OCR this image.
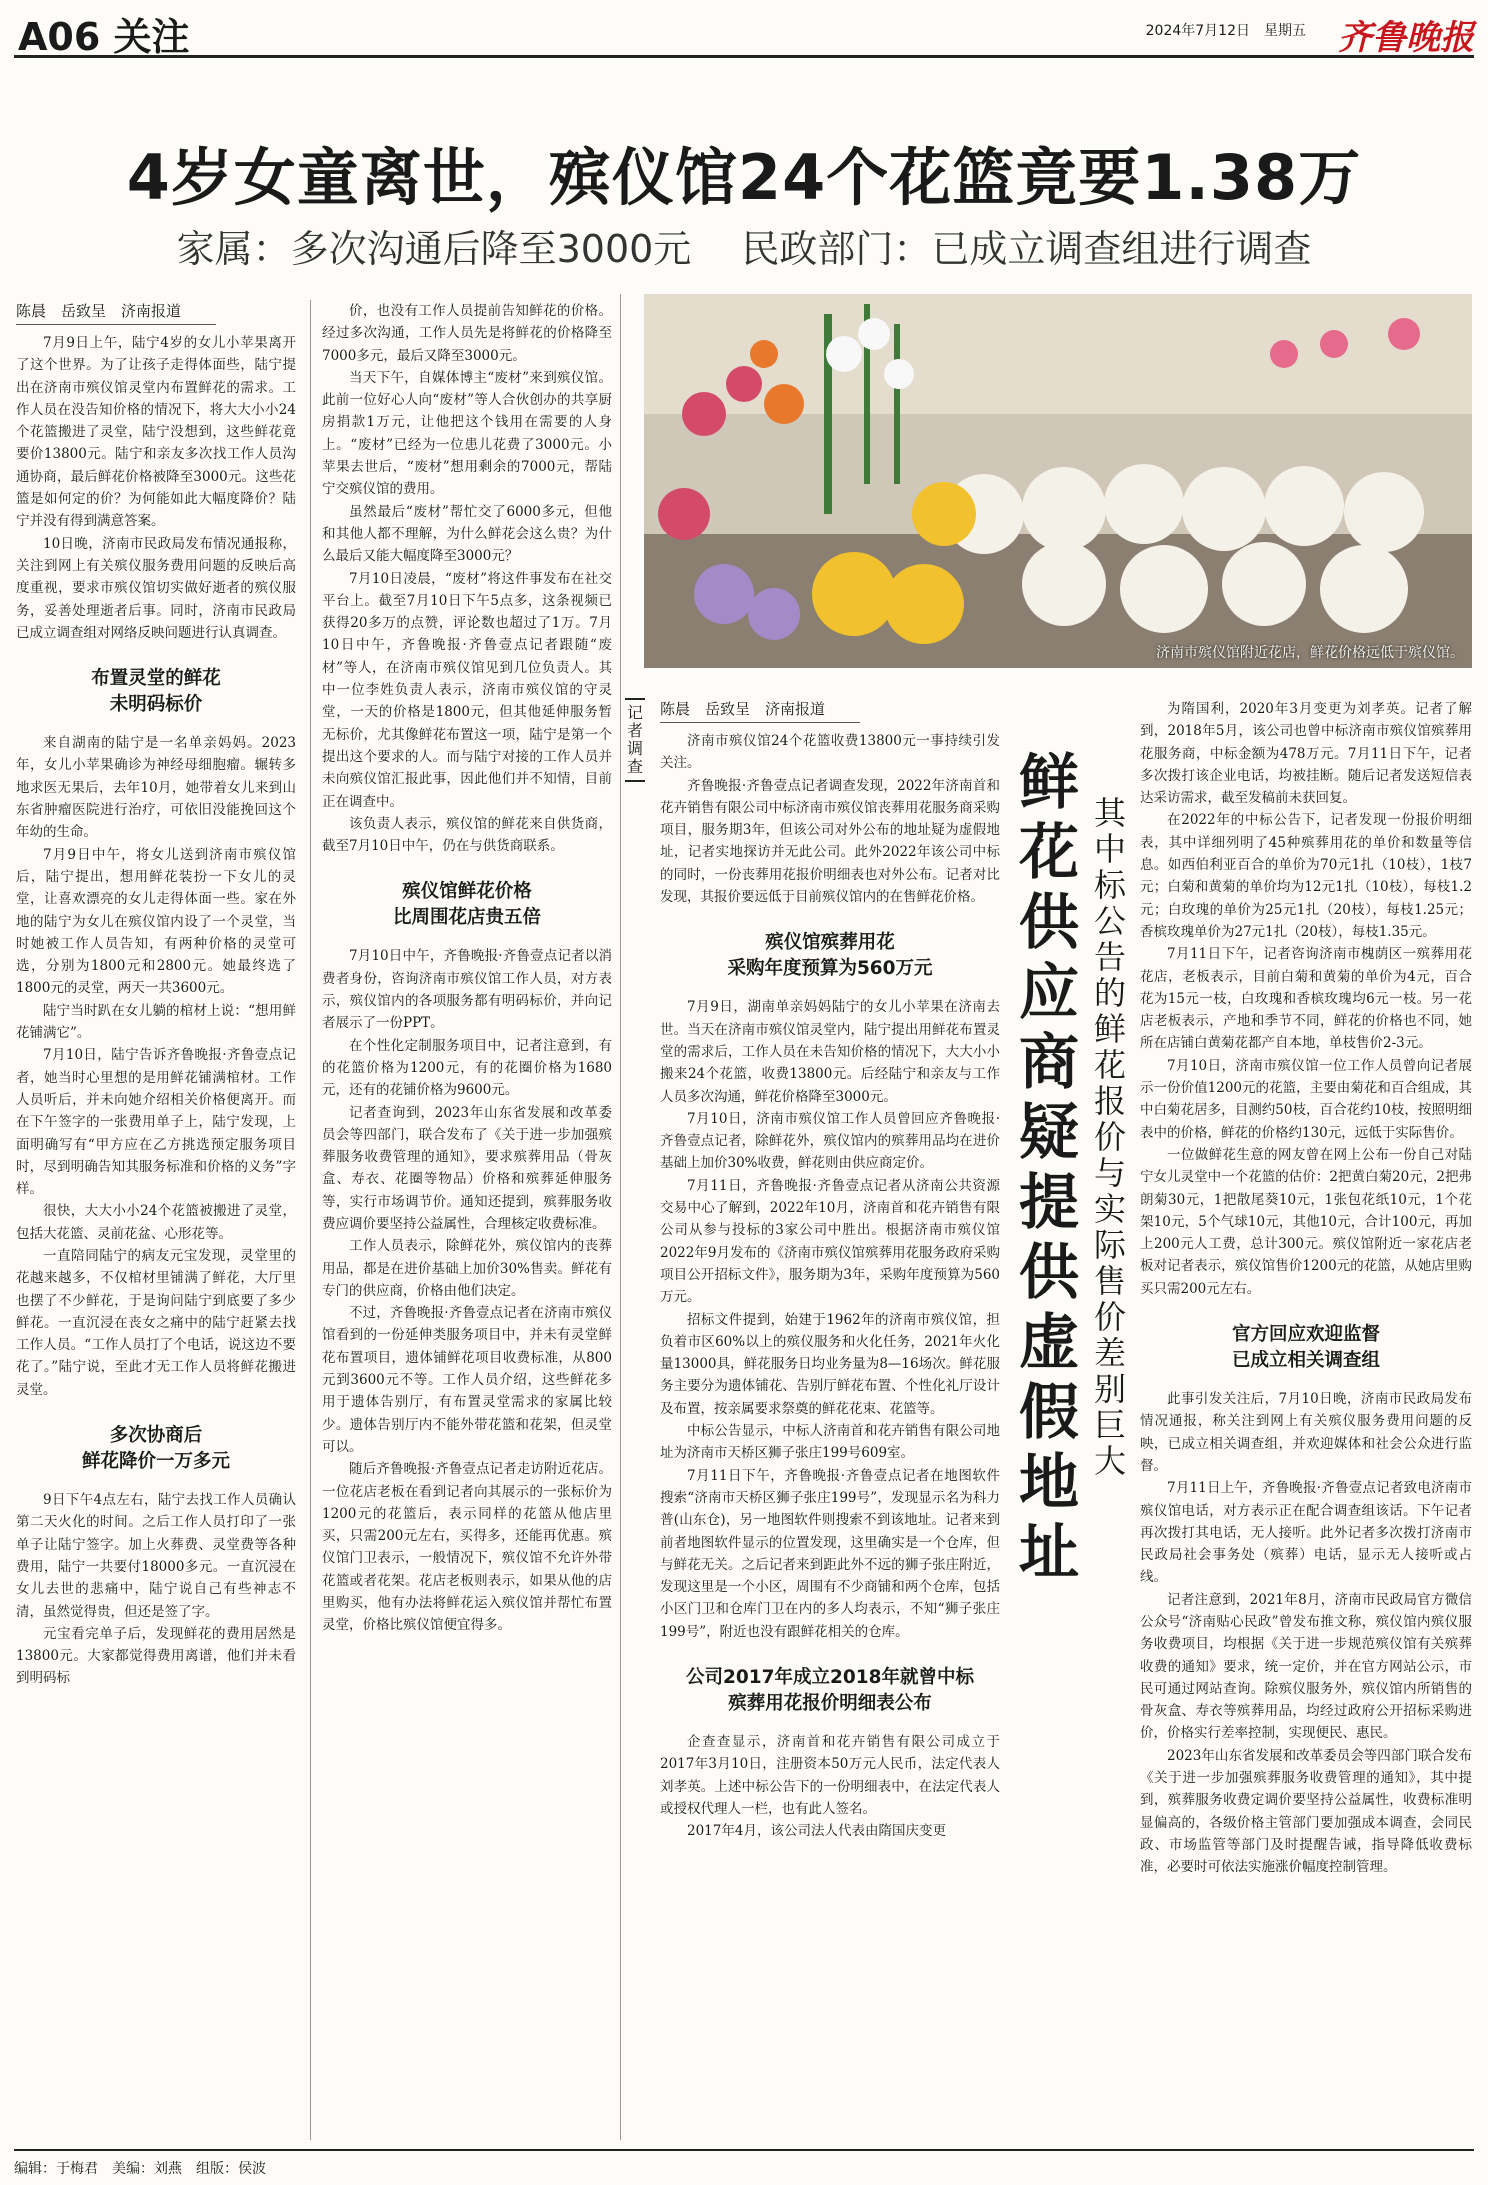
A06 关注	2024年7月12日　星期五 齐鲁晚报
4岁女童离世，殡仪馆24个花篮竟要1.38万
家属：多次沟通后降至3000元　 民政部门：已成立调查组进行调查
陈晨　岳致呈　济南报道

7月9日上午，陆宁4岁的女儿小苹果离开了这个世界。为了让孩子走得体面些，陆宁提出在济南市殡仪馆灵堂内布置鲜花的需求。工作人员在没告知价格的情况下，将大大小小24个花篮搬进了灵堂，陆宁没想到，这些鲜花竟要价13800元。陆宁和亲友多次找工作人员沟通协商，最后鲜花价格被降至3000元。这些花篮是如何定的价？为何能如此大幅度降价？陆宁并没有得到满意答案。

10日晚，济南市民政局发布情况通报称，关注到网上有关殡仪服务费用问题的反映后高度重视，要求市殡仪馆切实做好逝者的殡仪服务，妥善处理逝者后事。同时，济南市民政局已成立调查组对网络反映问题进行认真调查。

布置灵堂的鲜花
未明码标价

来自湖南的陆宁是一名单亲妈妈。2023年，女儿小苹果确诊为神经母细胞瘤。辗转多地求医无果后，去年10月，她带着女儿来到山东省肿瘤医院进行治疗，可依旧没能挽回这个年幼的生命。

7月9日中午，将女儿送到济南市殡仪馆后，陆宁提出，想用鲜花装扮一下女儿的灵堂，让喜欢漂亮的女儿走得体面一些。家在外地的陆宁为女儿在殡仪馆内设了一个灵堂，当时她被工作人员告知，有两种价格的灵堂可选，分别为1800元和2800元。她最终选了1800元的灵堂，两天一共3600元。

陆宁当时趴在女儿躺的棺材上说：“想用鲜花铺满它”。

7月10日，陆宁告诉齐鲁晚报·齐鲁壹点记者，她当时心里想的是用鲜花铺满棺材。工作人员听后，并未向她介绍相关价格便离开。而在下午签字的一张费用单子上，陆宁发现，上面明确写有“甲方应在乙方挑选预定服务项目时，尽到明确告知其服务标准和价格的义务”字样。

很快，大大小小24个花篮被搬进了灵堂，包括大花篮、灵前花盆、心形花等。

一直陪同陆宁的病友元宝发现，灵堂里的花越来越多，不仅棺材里铺满了鲜花，大厅里也摆了不少鲜花，于是询问陆宁到底要了多少鲜花。一直沉浸在丧女之痛中的陆宁赶紧去找工作人员。“工作人员打了个电话，说这边不要花了。”陆宁说，至此才无工作人员将鲜花搬进灵堂。

多次协商后
鲜花降价一万多元

9日下午4点左右，陆宁去找工作人员确认第二天火化的时间。之后工作人员打印了一张单子让陆宁签字。加上火葬费、灵堂费等各种费用，陆宁一共要付18000多元。一直沉浸在女儿去世的悲痛中，陆宁说自己有些神志不清，虽然觉得贵，但还是签了字。

元宝看完单子后，发现鲜花的费用居然是13800元。大家都觉得费用离谱，他们并未看到明码标

价，也没有工作人员提前告知鲜花的价格。经过多次沟通，工作人员先是将鲜花的价格降至7000多元，最后又降至3000元。

当天下午，自媒体博主“废材”来到殡仪馆。此前一位好心人向“废材”等人合伙创办的共享厨房捐款1万元，让他把这个钱用在需要的人身上。“废材”已经为一位患儿花费了3000元。小苹果去世后，“废材”想用剩余的7000元，帮陆宁交殡仪馆的费用。

虽然最后“废材”帮忙交了6000多元，但他和其他人都不理解，为什么鲜花会这么贵？为什么最后又能大幅度降至3000元？

7月10日凌晨，“废材”将这件事发布在社交平台上。截至7月10日下午5点多，这条视频已获得20多万的点赞，评论数也超过了1万。7月10日中午，齐鲁晚报·齐鲁壹点记者跟随“废材”等人，在济南市殡仪馆见到几位负责人。其中一位李姓负责人表示，济南市殡仪馆的守灵堂，一天的价格是1800元，但其他延伸服务暂无标价，尤其像鲜花布置这一项，陆宁是第一个提出这个要求的人。而与陆宁对接的工作人员并未向殡仪馆汇报此事，因此他们并不知情，目前正在调查中。

该负责人表示，殡仪馆的鲜花来自供货商，截至7月10日中午，仍在与供货商联系。

殡仪馆鲜花价格
比周围花店贵五倍

7月10日中午，齐鲁晚报·齐鲁壹点记者以消费者身份，咨询济南市殡仪馆工作人员，对方表示，殡仪馆内的各项服务都有明码标价，并向记者展示了一份PPT。

在个性化定制服务项目中，记者注意到，有的花篮价格为1200元，有的花圈价格为1680元，还有的花铺价格为9600元。

记者查询到，2023年山东省发展和改革委员会等四部门，联合发布了《关于进一步加强殡葬服务收费管理的通知》，要求殡葬用品（骨灰盒、寿衣、花圈等物品）价格和殡葬延伸服务等，实行市场调节价。通知还提到，殡葬服务收费应调价要坚持公益属性，合理核定收费标准。

工作人员表示，除鲜花外，殡仪馆内的丧葬用品，都是在进价基础上加价30%售卖。鲜花有专门的供应商，价格由他们决定。

不过，齐鲁晚报·齐鲁壹点记者在济南市殡仪馆看到的一份延伸类服务项目中，并未有灵堂鲜花布置项目，遗体铺鲜花项目收费标准，从800元到3600元不等。工作人员介绍，这些鲜花多用于遗体告别厅，有布置灵堂需求的家属比较少。遗体告别厅内不能外带花篮和花架，但灵堂可以。

随后齐鲁晚报·齐鲁壹点记者走访附近花店。一位花店老板在看到记者向其展示的一张标价为1200元的花篮后，表示同样的花篮从他店里买，只需200元左右，买得多，还能再优惠。殡仪馆门卫表示，一般情况下，殡仪馆不允许外带花篮或者花架。花店老板则表示，如果从他的店里购买，他有办法将鲜花运入殡仪馆并帮忙布置灵堂，价格比殡仪馆便宜得多。

济南市殡仪馆附近花店，鲜花价格远低于殡仪馆。
记者调查
陈晨　岳致呈　济南报道

济南市殡仪馆24个花篮收费13800元一事持续引发关注。

齐鲁晚报·齐鲁壹点记者调查发现，2022年济南首和花卉销售有限公司中标济南市殡仪馆丧葬用花服务商采购项目，服务期3年，但该公司对外公布的地址疑为虚假地址，记者实地探访并无此公司。此外2022年该公司中标的同时，一份丧葬用花报价明细表也对外公布。记者对比发现，其报价要远低于目前殡仪馆内的在售鲜花价格。

殡仪馆殡葬用花
采购年度预算为560万元

7月9日，湖南单亲妈妈陆宁的女儿小苹果在济南去世。当天在济南市殡仪馆灵堂内，陆宁提出用鲜花布置灵堂的需求后，工作人员在未告知价格的情况下，大大小小搬来24个花篮，收费13800元。后经陆宁和亲友与工作人员多次沟通，鲜花价格降至3000元。

7月10日，济南市殡仪馆工作人员曾回应齐鲁晚报·齐鲁壹点记者，除鲜花外，殡仪馆内的殡葬用品均在进价基础上加价30%收费，鲜花则由供应商定价。

7月11日，齐鲁晚报·齐鲁壹点记者从济南公共资源交易中心了解到，2022年10月，济南首和花卉销售有限公司从参与投标的3家公司中胜出。根据济南市殡仪馆2022年9月发布的《济南市殡仪馆殡葬用花服务政府采购项目公开招标文件》，服务期为3年，采购年度预算为560万元。

招标文件提到，始建于1962年的济南市殡仪馆，担负着市区60%以上的殡仪服务和火化任务，2021年火化量13000具，鲜花服务日均业务量为8—16场次。鲜花服务主要分为遗体铺花、告别厅鲜花布置、个性化礼厅设计及布置，按亲属要求祭奠的鲜花花束、花篮等。

中标公告显示，中标人济南首和花卉销售有限公司地址为济南市天桥区狮子张庄199号609室。

7月11日下午，齐鲁晚报·齐鲁壹点记者在地图软件搜索“济南市天桥区狮子张庄199号”，发现显示名为科力普(山东仓)，另一地图软件则搜索不到该地址。记者来到前者地图软件显示的位置发现，这里确实是一个仓库，但与鲜花无关。之后记者来到距此外不远的狮子张庄附近，发现这里是一个小区，周围有不少商铺和两个仓库，包括小区门卫和仓库门卫在内的多人均表示，不知“狮子张庄199号”，附近也没有跟鲜花相关的仓库。

公司2017年成立2018年就曾中标
殡葬用花报价明细表公布

企查查显示，济南首和花卉销售有限公司成立于2017年3月10日，注册资本50万元人民币，法定代表人刘孝英。上述中标公告下的一份明细表中，在法定代表人或授权代理人一栏，也有此人签名。

2017年4月，该公司法人代表由隋国庆变更

鲜花供应商疑提供虚假地址
其中标公告的鲜花报价与实际售价差别巨大

为隋国利，2020年3月变更为刘孝英。记者了解到，2018年5月，该公司也曾中标济南市殡仪馆殡葬用花服务商，中标金额为478万元。7月11日下午，记者多次拨打该企业电话，均被挂断。随后记者发送短信表达采访需求，截至发稿前未获回复。

在2022年的中标公告下，记者发现一份报价明细表，其中详细列明了45种殡葬用花的单价和数量等信息。如西伯利亚百合的单价为70元1扎（10枝），1枝7元；白菊和黄菊的单价均为12元1扎（10枝），每枝1.2元；白玫瑰的单价为25元1扎（20枝），每枝1.25元；香槟玫瑰单价为27元1扎（20枝），每枝1.35元。

7月11日下午，记者咨询济南市槐荫区一殡葬用花花店，老板表示，目前白菊和黄菊的单价为4元，百合花为15元一枝，白玫瑰和香槟玫瑰均6元一枝。另一花店老板表示，产地和季节不同，鲜花的价格也不同，她所在店铺白黄菊花都产自本地，单枝售价2-3元。

7月10日，济南市殡仪馆一位工作人员曾向记者展示一份价值1200元的花篮，主要由菊花和百合组成，其中白菊花居多，目测约50枝，百合花约10枝，按照明细表中的价格，鲜花的价格约130元，远低于实际售价。

一位做鲜花生意的网友曾在网上公布一份自己对陆宁女儿灵堂中一个花篮的估价：2把黄白菊20元，2把弗朗菊30元，1把散尾葵10元，1张包花纸10元，1个花架10元，5个气球10元，其他10元，合计100元，再加上200元人工费，总计300元。殡仪馆附近一家花店老板对记者表示，殡仪馆售价1200元的花篮，从她店里购买只需200元左右。

官方回应欢迎监督
已成立相关调查组

此事引发关注后，7月10日晚，济南市民政局发布情况通报，称关注到网上有关殡仪服务费用问题的反映，已成立相关调查组，并欢迎媒体和社会公众进行监督。

7月11日上午，齐鲁晚报·齐鲁壹点记者致电济南市殡仪馆电话，对方表示正在配合调查组该话。下午记者再次拨打其电话，无人接听。此外记者多次拨打济南市民政局社会事务处（殡葬）电话，显示无人接听或占线。

记者注意到，2021年8月，济南市民政局官方微信公众号“济南贴心民政”曾发布推文称，殡仪馆内殡仪服务收费项目，均根据《关于进一步规范殡仪馆有关殡葬收费的通知》要求，统一定价，并在官方网站公示，市民可通过网站查询。除殡仪服务外，殡仪馆内所销售的骨灰盒、寿衣等殡葬用品，均经过政府公开招标采购进价，价格实行差率控制，实现便民、惠民。

2023年山东省发展和改革委员会等四部门联合发布《关于进一步加强殡葬服务收费管理的通知》，其中提到，殡葬服务收费定调价要坚持公益属性，收费标准明显偏高的，各级价格主管部门要加强成本调查，会同民政、市场监管等部门及时提醒告诫，指导降低收费标准，必要时可依法实施涨价幅度控制管理。

编辑：于梅君　美编：刘燕　组版：侯波
